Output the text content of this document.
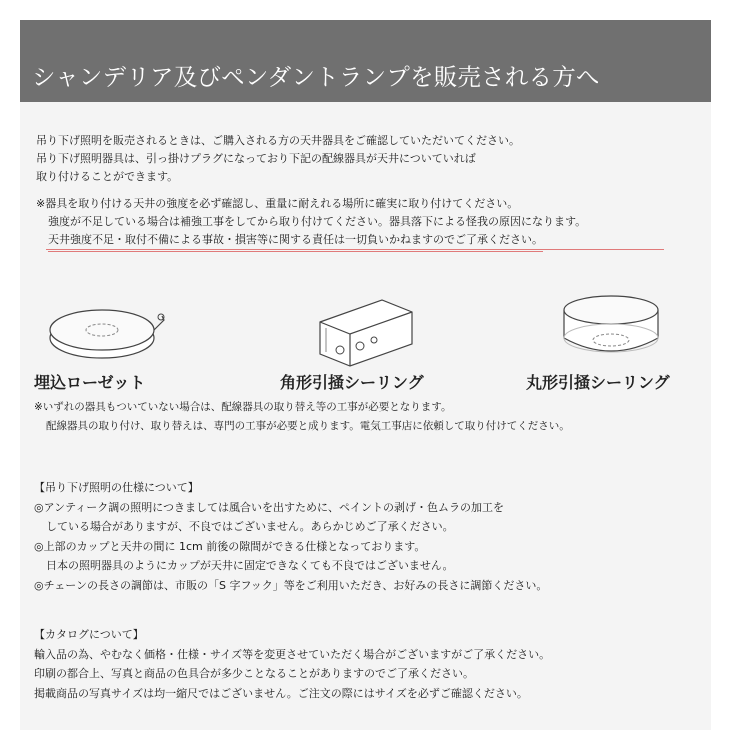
シャンデリア及びペンダントランプを販売される方へ

吊り下げ照明を販売されるときは、ご購入される方の天井器具をご確認していただいてください。

吊り下げ照明器具は、引っ掛けプラグになっており下記の配線器具が天井についていれば

取り付けることができます。

※器具を取り付ける天井の強度を必ず確認し、重量に耐えれる場所に確実に取り付けてください。

強度が不足している場合は補強工事をしてから取り付けてください。器具落下による怪我の原因になります。

天井強度不足・取付不備による事故・損害等に関する責任は一切負いかねますのでご了承ください。

埋込ローゼット	角形引掻シーリング	丸形引掻シーリング

※いずれの器具もついていない場合は、配線器具の取り替え等の工事が必要となります。

配線器具の取り付け、取り替えは、専門の工事が必要と成ります。電気工事店に依頼して取り付けてください。

【吊り下げ照明の仕様について】

◎アンティーク調の照明につきましては風合いを出すために、ペイントの剥げ・色ムラの加工を

している場合がありますが、不良ではございません。あらかじめご了承ください。

◎上部のカップと天井の間に 1cm 前後の隙間ができる仕様となっております。

日本の照明器具のようにカップが天井に固定できなくても不良ではございません。

◎チェーンの長さの調節は、市販の「S 字フック」等をご利用いただき、お好みの長さに調節ください。

【カタログについて】

輸入品の為、やむなく価格・仕様・サイズ等を変更させていただく場合がございますがご了承ください。

印刷の都合上、写真と商品の色具合が多少ことなることがありますのでご了承ください。

掲載商品の写真サイズは均一縮尺ではございません。ご注文の際にはサイズを必ずご確認ください。
